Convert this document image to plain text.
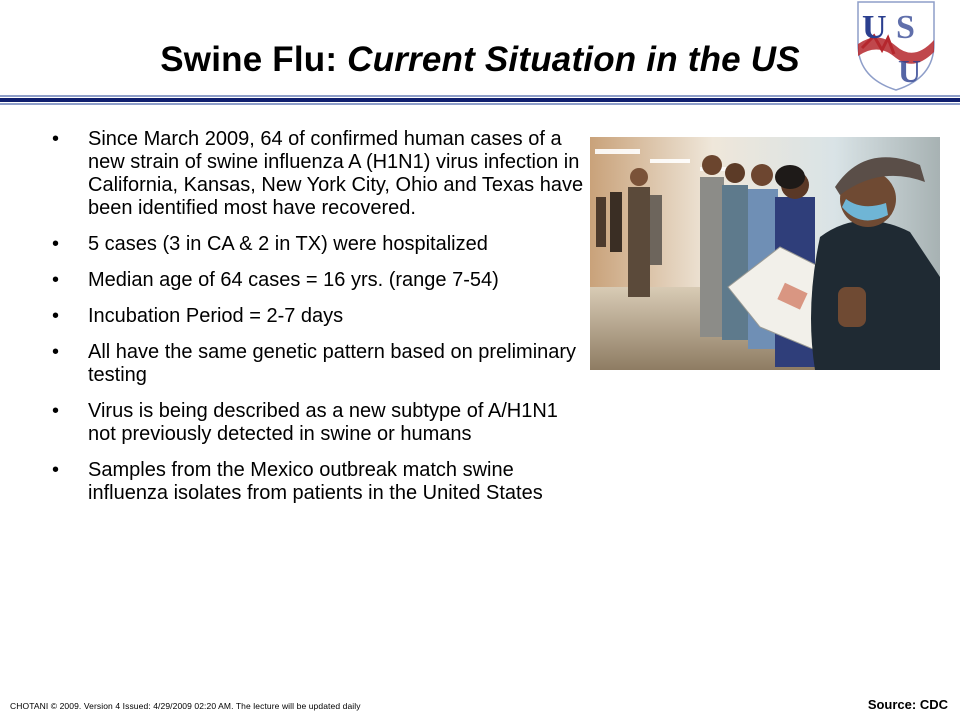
Swine Flu: Current Situation in the US
U S
U
• Since March 2009, 64 of confirmed human cases of a new strain of swine influenza A (H1N1) virus infection in California, Kansas, New York City, Ohio and Texas have been identified most have recovered.
• 5 cases (3 in CA & 2 in TX) were hospitalized
• Median age of 64 cases = 16 yrs. (range 7-54)
• Incubation Period = 2-7 days
• All have the same genetic pattern based on preliminary testing
• Virus is being described as a new subtype of A/H1N1 not previously detected in swine or humans
• Samples from the Mexico outbreak match swine influenza isolates from patients in the United States
CHOTANI © 2009. Version 4 Issued: 4/29/2009 02:20 AM. The lecture will be updated daily	Source: CDC
